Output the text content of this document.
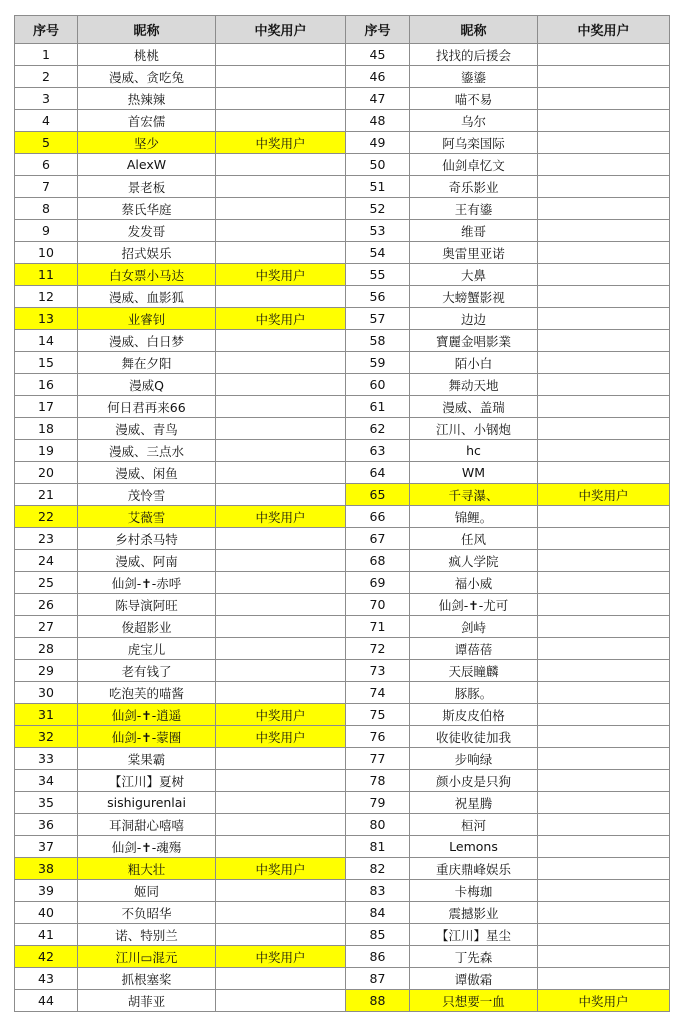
序号	昵称	中奖用户	序号	昵称	中奖用户
1	桃桃		45	找找的后援会	
2	漫威、贪吃兔		46	鎏鎏	
3	热辣辣		47	喵不易	
4	首宏儒		48	乌尔	
5	坚少	中奖用户	49	阿乌栾国际	
6	AlexW		50	仙剑卓忆文	
7	景老板		51	奇乐影业	
8	蔡氏华庭		52	王有鎏	
9	发发哥		53	维哥	
10	招式娱乐		54	奥雷里亚诺	
11	白女票小马达	中奖用户	55	大鼻	
12	漫威、血影狐		56	大螃蟹影视	
13	业睿钊	中奖用户	57	边边	
14	漫威、白日梦		58	寶麗金唱影業	
15	舞在夕阳		59	陌小白	
16	漫威Q		60	舞动天地	
17	何日君再来66		61	漫威、盖瑞	
18	漫威、青鸟		62	江川、小钢炮	
19	漫威、三点水		63	hc	
20	漫威、闲鱼		64	WM	
21	茂怜雪		65	千寻瀑、	中奖用户
22	艾薇雪	中奖用户	66	锦鲤。	
23	乡村杀马特		67	任风	
24	漫威、阿南		68	疯人学院	
25	仙剑-✝-赤呼		69	福小威	
26	陈导演阿旺		70	仙剑-✝-尤可	
27	俊超影业		71	剑峙	
28	虎宝儿		72	谭蓓蓓	
29	老有钱了		73	天辰瞳麟	
30	吃泡芙的喵酱		74	豚豚。	
31	仙剑-✝-逍遥	中奖用户	75	斯皮皮伯格	
32	仙剑-✝-蒙圈	中奖用户	76	收徒收徒加我	
33	棠果霸		77	步响绿	
34	【江川】夏树		78	颜小皮是只狗	
35	sishigurenlai		79	祝星腾	
36	耳洞甜心嘻嘻		80	桓河	
37	仙剑-✝-魂殤		81	Lemons	
38	粗大壮	中奖用户	82	重庆鼎峰娱乐	
39	姬同		83	卡梅珈	
40	不负昭华		84	震撼影业	
41	诺、特别兰		85	【江川】星尘	
42	江川▭混元	中奖用户	86	丁先森	
43	抓根塞桨		87	谭傲霜	
44	胡菲亚		88	只想要一血	中奖用户
